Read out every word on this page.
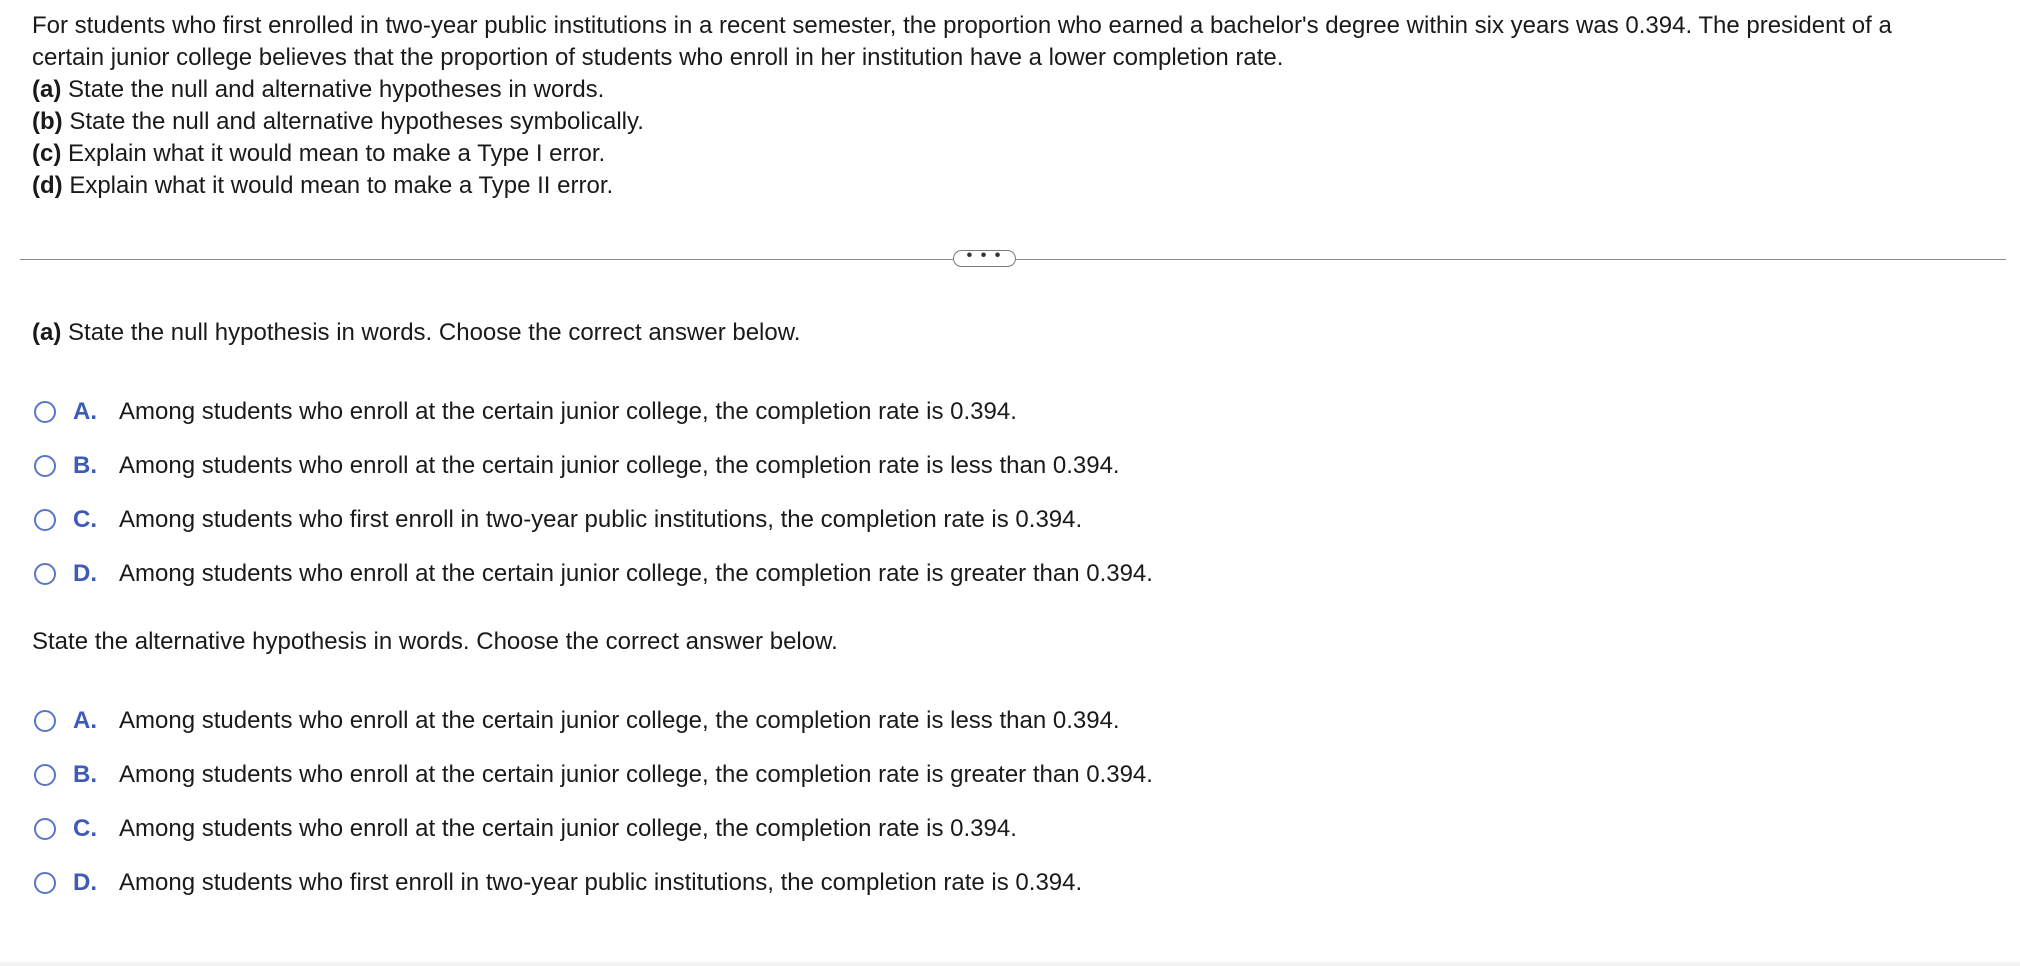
For students who first enrolled in two-year public institutions in a recent semester, the proportion who earned a bachelor's degree within six years was 0.394. The president of a certain junior college believes that the proportion of students who enroll in her institution have a lower completion rate.

(a) State the null and alternative hypotheses in words.

(b) State the null and alternative hypotheses symbolically.

(c) Explain what it would mean to make a Type I error.

(d) Explain what it would mean to make a Type II error.

• • •

(a) State the null hypothesis in words. Choose the correct answer below.

A. Among students who enroll at the certain junior college, the completion rate is 0.394.
B. Among students who enroll at the certain junior college, the completion rate is less than 0.394.
C. Among students who first enroll in two-year public institutions, the completion rate is 0.394.
D. Among students who enroll at the certain junior college, the completion rate is greater than 0.394.

State the alternative hypothesis in words. Choose the correct answer below.

A. Among students who enroll at the certain junior college, the completion rate is less than 0.394.
B. Among students who enroll at the certain junior college, the completion rate is greater than 0.394.
C. Among students who enroll at the certain junior college, the completion rate is 0.394.
D. Among students who first enroll in two-year public institutions, the completion rate is 0.394.
